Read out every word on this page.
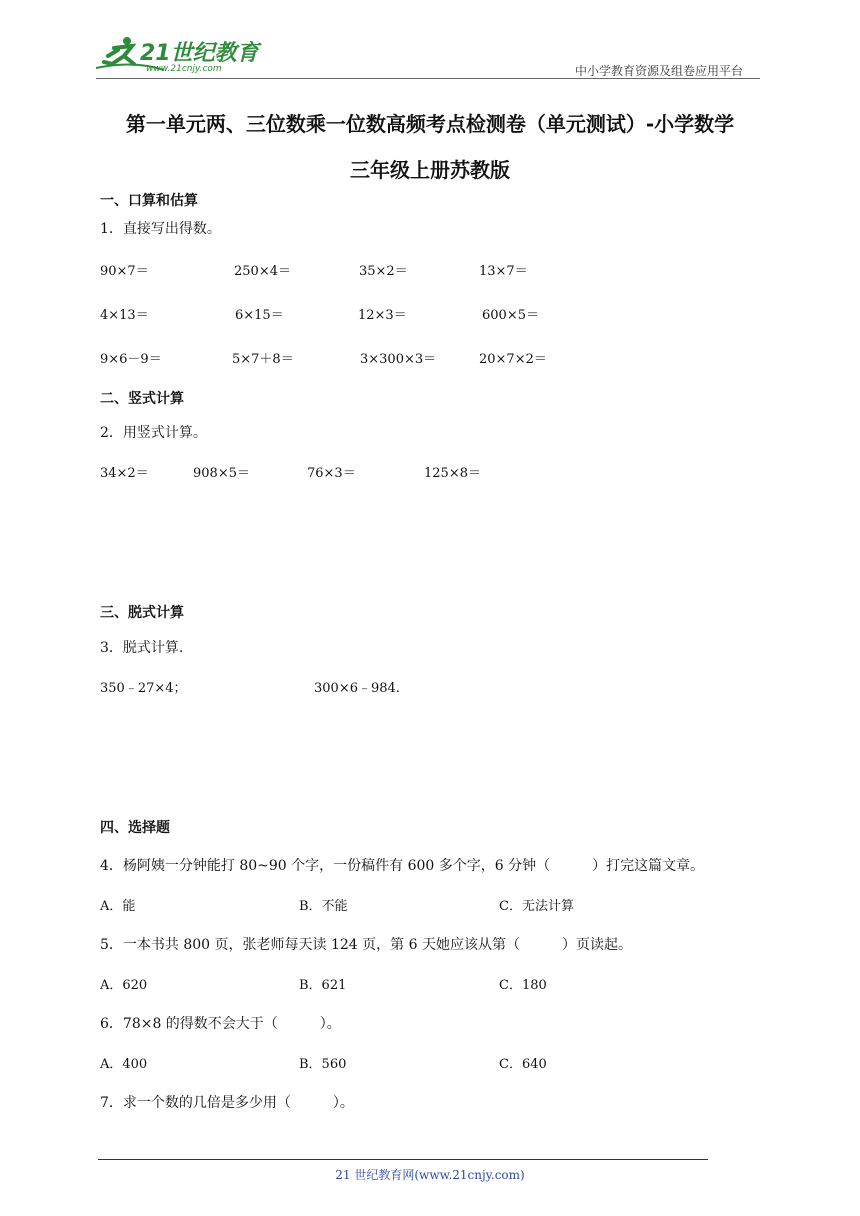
21世纪教育
www.21cnjy.com	中小学教育资源及组卷应用平台
第一单元两、三位数乘一位数高频考点检测卷（单元测试）-小学数学
三年级上册苏教版
一、口算和估算
1．直接写出得数。
90×7＝	250×4＝	35×2＝	13×7＝
4×13＝	6×15＝	12×3＝	600×5＝
9×6－9＝	5×7＋8＝	3×300×3＝	20×7×2＝
二、竖式计算
2．用竖式计算。
34×2＝	908×5＝	76×3＝	125×8＝
三、脱式计算
3．脱式计算.
350﹣27×4；	300×6﹣984.
四、选择题
4．杨阿姨一分钟能打 80~90 个字，一份稿件有 600 多个字，6 分钟（　　　）打完这篇文章。
A．能	B．不能	C．无法计算
5．一本书共 800 页，张老师每天读 124 页，第 6 天她应该从第（　　　）页读起。
A．620	B．621	C．180
6．78×8 的得数不会大于（　　　）。
A．400	B．560	C．640
7．求一个数的几倍是多少用（　　　）。
21 世纪教育网(www.21cnjy.com)
